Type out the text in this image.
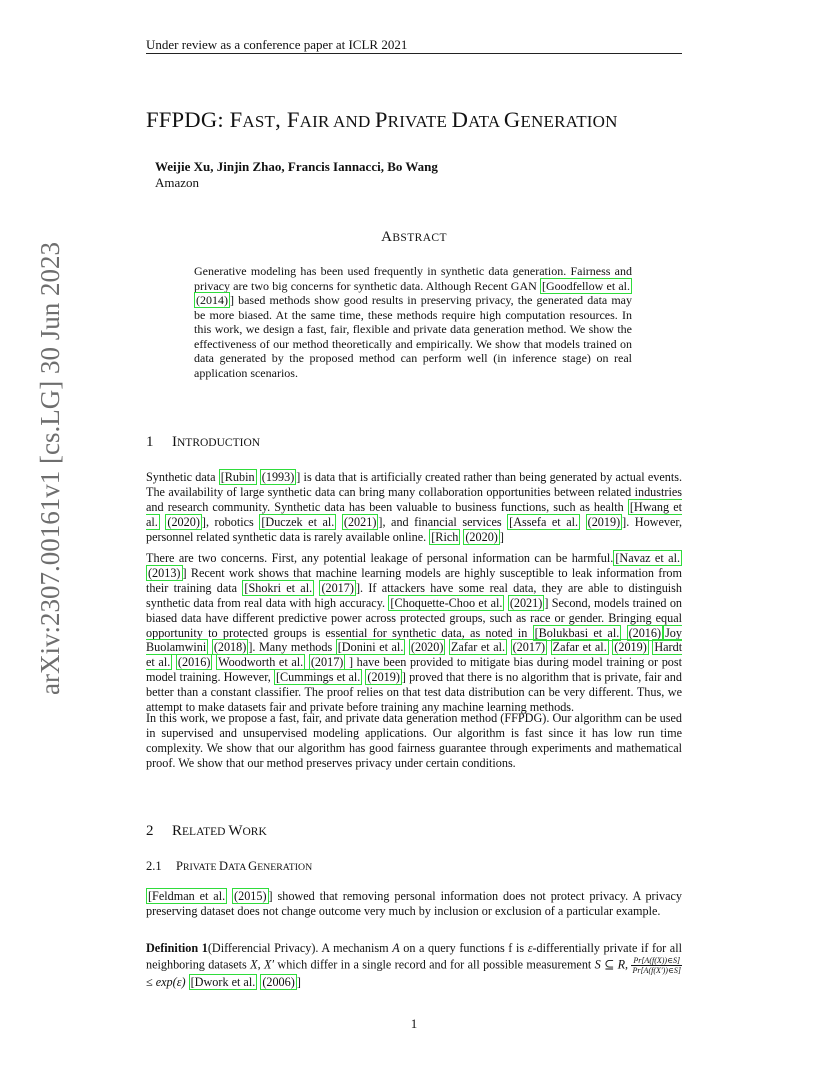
Under review as a conference paper at ICLR 2021
FFPDG: FAST, FAIR AND PRIVATE DATA GENERATION
Weijie Xu, Jinjin Zhao, Francis Iannacci, Bo Wang
Amazon
ABSTRACT
Generative modeling has been used frequently in synthetic data generation. Fairness and privacy are two big concerns for synthetic data. Although Recent GAN [Goodfellow et al. (2014) ] based methods show good results in preserving privacy, the generated data may be more biased. At the same time, these methods require high computation resources. In this work, we design a fast, fair, flexible and private data generation method. We show the effectiveness of our method theoretically and empirically. We show that models trained on data generated by the proposed method can perform well (in inference stage) on real application scenarios.
1 INTRODUCTION
Synthetic data [Rubin (1993) ] is data that is artificially created rather than being generated by actual events. The availability of large synthetic data can bring many collaboration opportunities between related industries and research community. Synthetic data has been valuable to business functions, such as health [Hwang et al. (2020) ], robotics [Duczek et al. (2021) ], and financial services [Assefa et al. (2019) ]. However, personnel related synthetic data is rarely available online. [Rich (2020) ]
There are two concerns. First, any potential leakage of personal information can be harmful. [Navaz et al. (2013) ] Recent work shows that machine learning models are highly susceptible to leak information from their training data [Shokri et al. (2017) ]. If attackers have some real data, they are able to distinguish synthetic data from real data with high accuracy. [Choquette-Choo et al. (2021) ] Second, models trained on biased data have different predictive power across protected groups, such as race or gender. Bringing equal opportunity to protected groups is essential for synthetic data, as noted in [Bolukbasi et al. (2016) Joy Buolamwini (2018) ]. Many methods [Donini et al. (2020) Zafar et al. (2017) Zafar et al. (2019) Hardt et al. (2016) Woodworth et al. (2017) ] have been provided to mitigate bias during model training or post model training. However, [Cummings et al. (2019) ] proved that there is no algorithm that is private, fair and better than a constant classifier. The proof relies on that test data distribution can be very different. Thus, we attempt to make datasets fair and private before training any machine learning methods.
In this work, we propose a fast, fair, and private data generation method (FFPDG). Our algorithm can be used in supervised and unsupervised modeling applications. Our algorithm is fast since it has low run time complexity. We show that our algorithm has good fairness guarantee through experiments and mathematical proof. We show that our method preserves privacy under certain conditions.
2 RELATED WORK
2.1 PRIVATE DATA GENERATION
[Feldman et al. (2015) ] showed that removing personal information does not protect privacy. A privacy preserving dataset does not change outcome very much by inclusion or exclusion of a particular example.
Definition 1(Differencial Privacy). A mechanism A on a query functions f is ε-differentially private if for all neighboring datasets X, X′ which differ in a single record and for all possible measurement S ⊆ R, $\frac{Pr[A(f(X))\in S]}{Pr[A(f(X'))\in S]}$
≤ exp(ε) [Dwork et al. (2006) ]
arXiv:2307.00161v1 [cs.LG] 30 Jun 2023
1
